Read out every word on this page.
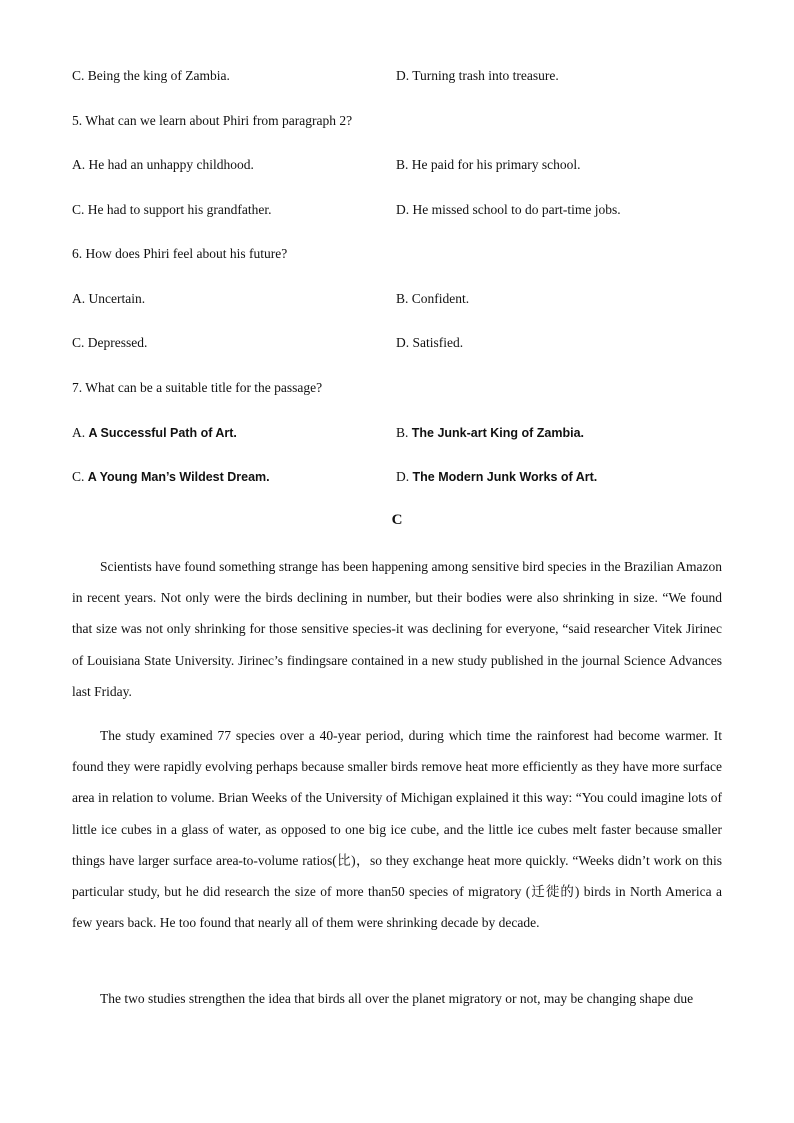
C. Being the king of Zambia.	D. Turning trash into treasure.
5. What can we learn about Phiri from paragraph 2?
A. He had an unhappy childhood.	B. He paid for his primary school.
C. He had to support his grandfather.	D. He missed school to do part-time jobs.
6. How does Phiri feel about his future?
A. Uncertain.	B. Confident.
C. Depressed.	D. Satisfied.
7. What can be a suitable title for the passage?
A. A Successful Path of Art.	B. The Junk-art King of Zambia.
C. A Young Man’s Wildest Dream.	D. The Modern Junk Works of Art.
C

Scientists have found something strange has been happening among sensitive bird species in the Brazilian Amazon in recent years. Not only were the birds declining in number, but their bodies were also shrinking in size. “We found that size was not only shrinking for those sensitive species-it was declining for everyone, “said researcher Vitek Jirinec of Louisiana State University. Jirinec’s findingsare contained in a new study published in the journal Science Advances last Friday.

The study examined 77 species over a 40-year period, during which time the rainforest had become warmer. It found they were rapidly evolving perhaps because smaller birds remove heat more efficiently as they have more surface area in relation to volume. Brian Weeks of the University of Michigan explained it this way: “You could imagine lots of little ice cubes in a glass of water, as opposed to one big ice cube, and the little ice cubes melt faster because smaller things have larger surface area-to-volume ratios(比)，so they exchange heat more quickly. “Weeks didn’t work on this particular study, but he did research the size of more than50 species of migratory (迁徙的) birds in North America a few years back. He too found that nearly all of them were shrinking decade by decade.

The two studies strengthen the idea that birds all over the planet migratory or not, may be changing shape due
